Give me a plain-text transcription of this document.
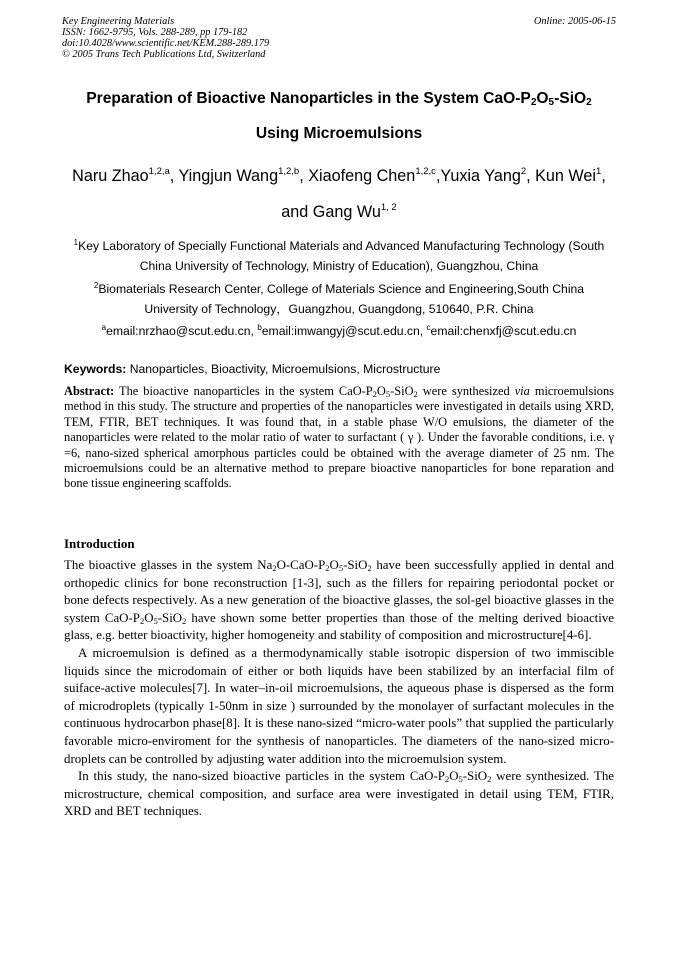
Key Engineering Materials
ISSN: 1662-9795, Vols. 288-289, pp 179-182
doi:10.4028/www.scientific.net/KEM.288-289.179
© 2005 Trans Tech Publications Ltd, Switzerland
Online: 2005-06-15
Preparation of Bioactive Nanoparticles in the System CaO-$P_2O_5-SiO_2$
Using Microemulsions
Naru Zhao$^{1,2,a}$, Yingjun Wang$^{1,2,b}$, Xiaofeng Chen$^{1,2,c}$,Yuxia Yang$^2$, Kun Wei$^1$,
and Gang Wu$^{1, 2}$
$^1$Key Laboratory of Specially Functional Materials and Advanced Manufacturing Technology (South
China University of Technology, Ministry of Education), Guangzhou, China
$^2$Biomaterials Research Center, College of Materials Science and Engineering,South China
University of Technology，Guangzhou, Guangdong, 510640, P.R. China
$^a$email:nrzhao@scut.edu.cn, $^b$email:imwangyj@scut.edu.cn, $^c$email:chenxfj@scut.edu.cn
Keywords: Nanoparticles, Bioactivity, Microemulsions, Microstructure
Abstract: The bioactive nanoparticles in the system CaO-$P_2O_5-SiO_2$ were synthesized via microemulsions method in this study. The structure and properties of the nanoparticles were investigated in details using XRD, TEM, FTIR, BET techniques. It was found that, in a stable phase W/O emulsions, the diameter of the nanoparticles were related to the molar ratio of water to surfactant ( γ ). Under the favorable conditions, i.e. γ =6, nano-sized spherical amorphous particles could be obtained with the average diameter of 25 nm. The microemulsions could be an alternative method to prepare bioactive nanoparticles for bone reparation and bone tissue engineering scaffolds.
Introduction

The bioactive glasses in the system $Na_2O-CaO-P_2O_5-SiO_2$ have been successfully applied in dental and orthopedic clinics for bone reconstruction [1-3], such as the fillers for repairing periodontal pocket or bone defects respectively. As a new generation of the bioactive glasses, the sol-gel bioactive glasses in the system CaO-$P_2O_5-SiO_2$ have shown some better properties than those of the melting derived bioactive glass, e.g. better bioactivity, higher homogeneity and stability of composition and microstructure[4-6].

A microemulsion is defined as a thermodynamically stable isotropic dispersion of two immiscible liquids since the microdomain of either or both liquids have been stabilized by an interfacial film of suiface-active molecules[7]. In water–in-oil microemulsions, the aqueous phase is dispersed as the form of microdroplets (typically 1-50nm in size ) surrounded by the monolayer of surfactant molecules in the continuous hydrocarbon phase[8]. It is these nano-sized “micro-water pools” that supplied the particularly favorable micro-enviroment for the synthesis of nanoparticles. The diameters of the nano-sized micro-droplets can be controlled by adjusting water addition into the microemulsion system.

In this study, the nano-sized bioactive particles in the system CaO-$P_2O_5-SiO_2$ were synthesized. The microstructure, chemical composition, and surface area were investigated in detail using TEM, FTIR, XRD and BET techniques.
